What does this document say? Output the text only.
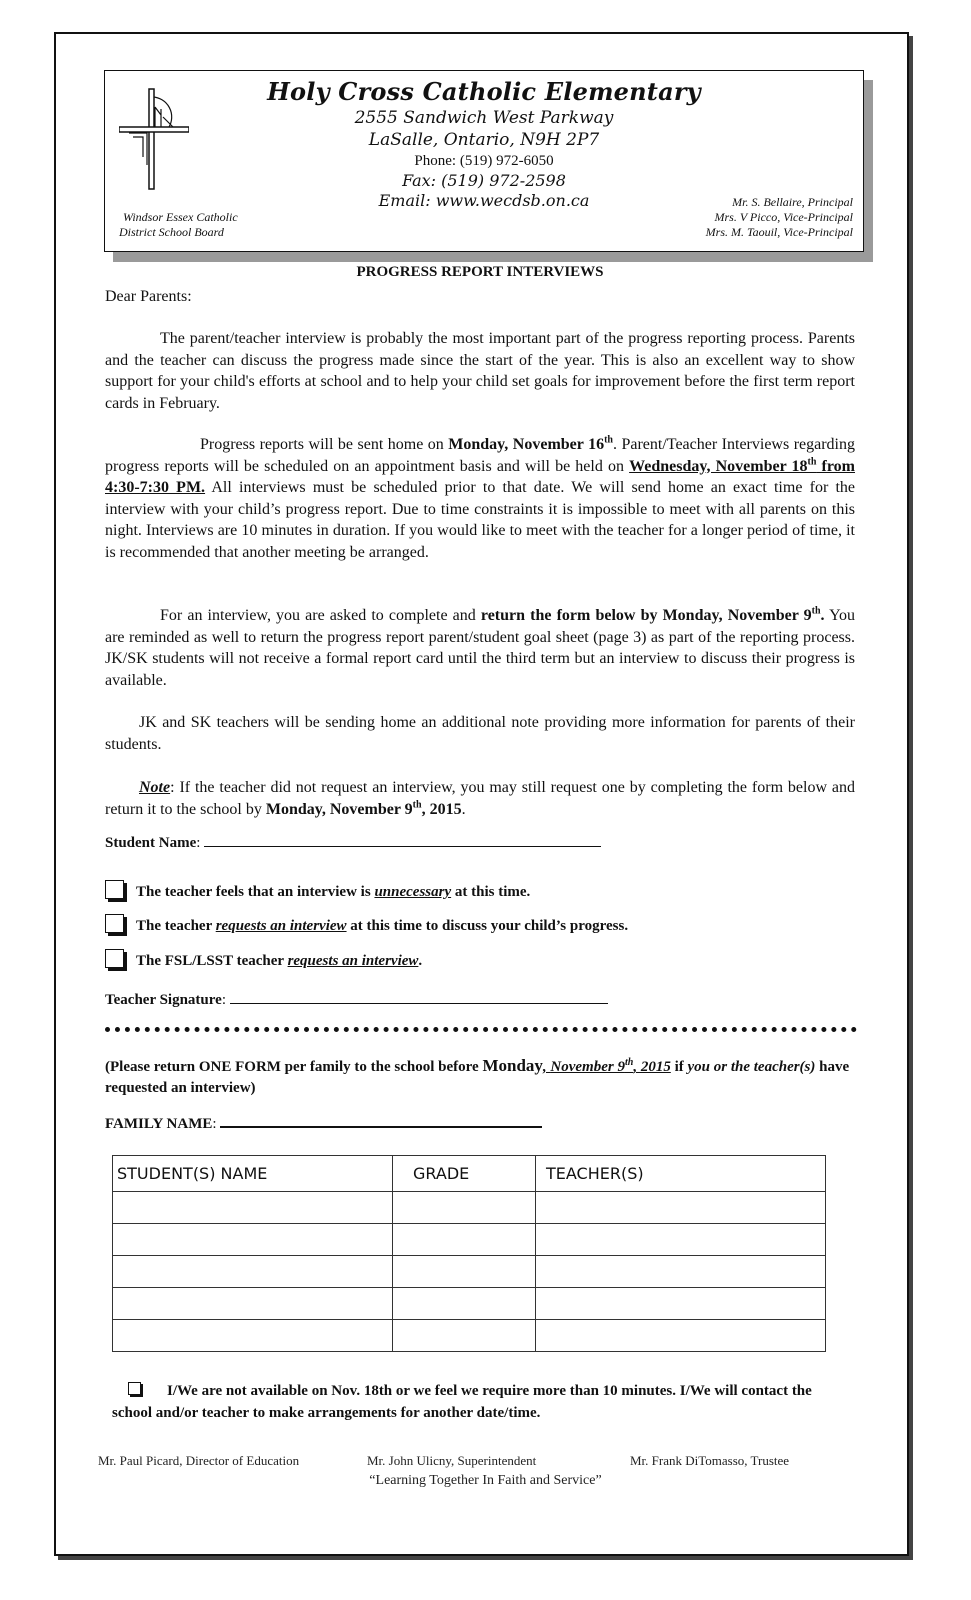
Holy Cross Catholic Elementary
2555 Sandwich West Parkway
LaSalle, Ontario, N9H 2P7
Phone: (519) 972-6050
Fax: (519) 972-2598
Email: www.wecdsb.on.ca
Windsor Essex Catholic
District School Board
Mr. S. Bellaire, Principal
Mrs. V Picco, Vice-Principal
Mrs. M. Taouil, Vice-Principal
PROGRESS REPORT INTERVIEWS
Dear Parents:
The parent/teacher interview is probably the most important part of the progress reporting process. Parents and the teacher can discuss the progress made since the start of the year. This is also an excellent way to show support for your child's efforts at school and to help your child set goals for improvement before the first term report cards in February.
Progress reports will be sent home on Monday, November 16th. Parent/Teacher Interviews regarding progress reports will be scheduled on an appointment basis and will be held on Wednesday, November 18th from 4:30-7:30 PM. All interviews must be scheduled prior to that date. We will send home an exact time for the interview with your child’s progress report. Due to time constraints it is impossible to meet with all parents on this night. Interviews are 10 minutes in duration. If you would like to meet with the teacher for a longer period of time, it is recommended that another meeting be arranged.
For an interview, you are asked to complete and return the form below by Monday, November 9th. You are reminded as well to return the progress report parent/student goal sheet (page 3) as part of the reporting process. JK/SK students will not receive a formal report card until the third term but an interview to discuss their progress is available.
JK and SK teachers will be sending home an additional note providing more information for parents of their students.
Note: If the teacher did not request an interview, you may still request one by completing the form below and return it to the school by Monday, November 9th, 2015.
Student Name:
The teacher feels that an interview is unnecessary at this time.
The teacher requests an interview at this time to discuss your child’s progress.
The FSL/LSST teacher requests an interview.
Teacher Signature:
(Please return ONE FORM per family to the school before Monday, November 9th, 2015 if you or the teacher(s) have requested an interview)
FAMILY NAME:
STUDENT(S) NAME	GRADE	TEACHER(S)

I/We are not available on Nov. 18th or we feel we require more than 10 minutes. I/We will contact the school and/or teacher to make arrangements for another date/time.
Mr. Paul Picard, Director of Education	Mr. John Ulicny, Superintendent	Mr. Frank DiTomasso, Trustee
“Learning Together In Faith and Service”
